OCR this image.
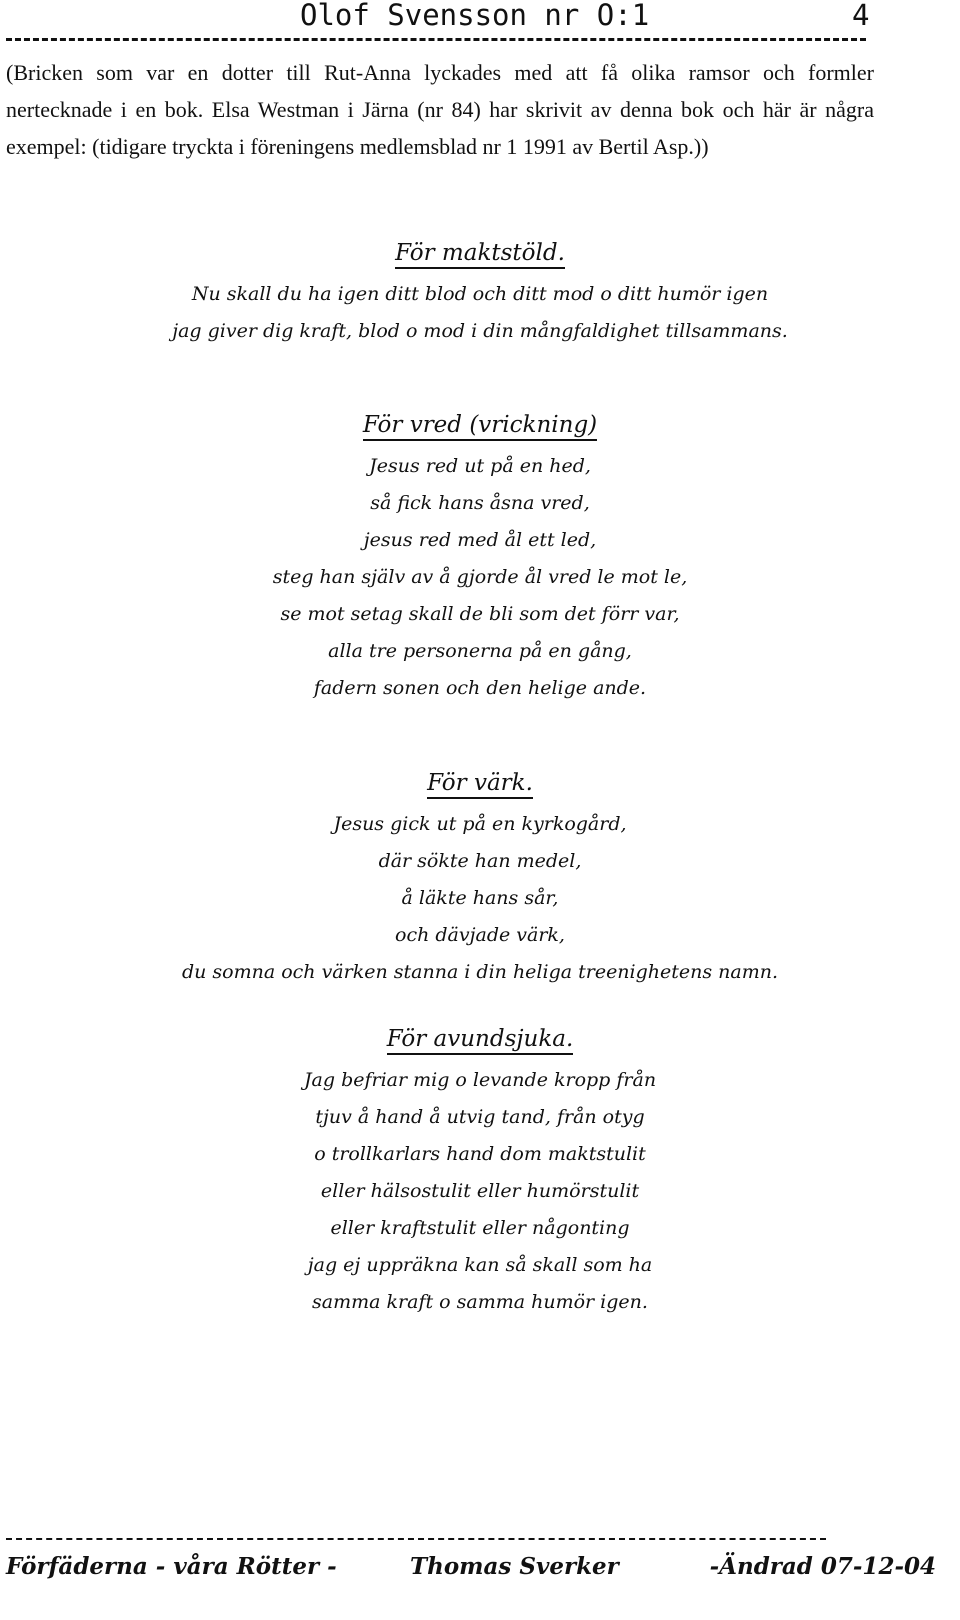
Olof Svensson nr O:1	4

(Bricken som var en dotter till Rut-Anna lyckades med att få olika ramsor och formler nertecknade i en bok. Elsa Westman i Järna (nr 84) har skrivit av denna bok och här är några exempel: (tidigare tryckta i föreningens medlemsblad nr 1 1991 av Bertil Asp.))

För maktstöld.
Nu skall du ha igen ditt blod och ditt mod o ditt humör igen
jag giver dig kraft, blod o mod i din mångfaldighet tillsammans.
För vred (vrickning)
Jesus red ut på en hed,
så fick hans åsna vred,
jesus red med ål ett led,
steg han själv av å gjorde ål vred le mot le,
se mot setag skall de bli som det förr var,
alla tre personerna på en gång,
fadern sonen och den helige ande.
För värk.
Jesus gick ut på en kyrkogård,
där sökte han medel,
å läkte hans sår,
och dävjade värk,
du somna och värken stanna i din heliga treenighetens namn.
För avundsjuka.
Jag befriar mig o levande kropp från
tjuv å hand å utvig tand, från otyg
o trollkarlars hand dom maktstulit
eller hälsostulit eller humörstulit
eller kraftstulit eller någonting
jag ej uppräkna kan så skall som ha
samma kraft o samma humör igen.
Förfäderna - våra Rötter -	Thomas Sverker	-Ändrad 07-12-04
